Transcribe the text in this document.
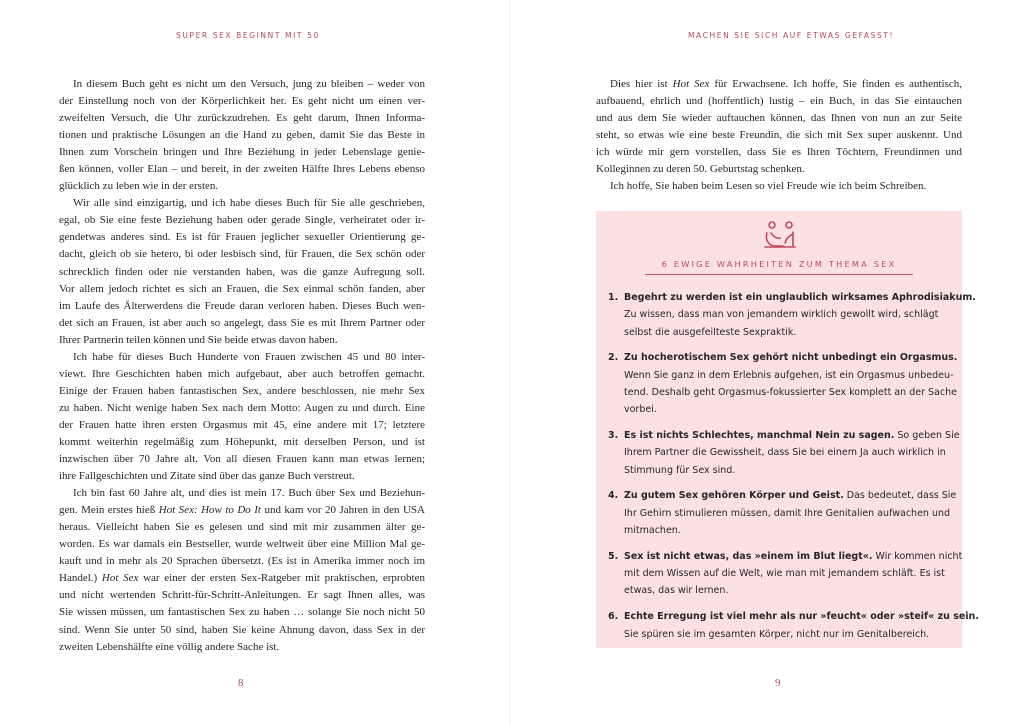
SUPER SEX BEGINNT MIT 50

In diesem Buch geht es nicht um den Versuch, jung zu bleiben – weder von
der Einstellung noch von der Körperlichkeit her. Es geht nicht um einen ver-
zweifelten Versuch, die Uhr zurückzudrehen. Es geht darum, Ihnen Informa-
tionen und praktische Lösungen an die Hand zu geben, damit Sie das Beste in
Ihnen zum Vorschein bringen und Ihre Beziehung in jeder Lebenslage genie-
ßen können, voller Elan – und bereit, in der zweiten Hälfte Ihres Lebens ebenso
glücklich zu leben wie in der ersten.

Wir alle sind einzigartig, und ich habe dieses Buch für Sie alle geschrieben,
egal, ob Sie eine feste Beziehung haben oder gerade Single, verheiratet oder ir-
gendetwas anderes sind. Es ist für Frauen jeglicher sexueller Orientierung ge-
dacht, gleich ob sie hetero, bi oder lesbisch sind, für Frauen, die Sex schön oder
schrecklich finden oder nie verstanden haben, was die ganze Aufregung soll.
Vor allem jedoch richtet es sich an Frauen, die Sex einmal schön fanden, aber
im Laufe des Älterwerdens die Freude daran verloren haben. Dieses Buch wen-
det sich an Frauen, ist aber auch so angelegt, dass Sie es mit Ihrem Partner oder
Ihrer Partnerin teilen können und Sie beide etwas davon haben.

Ich habe für dieses Buch Hunderte von Frauen zwischen 45 und 80 inter-
viewt. Ihre Geschichten haben mich aufgebaut, aber auch betroffen gemacht.
Einige der Frauen haben fantastischen Sex, andere beschlossen, nie mehr Sex
zu haben. Nicht wenige haben Sex nach dem Motto: Augen zu und durch. Eine
der Frauen hatte ihren ersten Orgasmus mit 45, eine andere mit 17; letztere
kommt weiterhin regelmäßig zum Höhepunkt, mit derselben Person, und ist
inzwischen über 70 Jahre alt. Von all diesen Frauen kann man etwas lernen;
ihre Fallgeschichten und Zitate sind über das ganze Buch verstreut.

Ich bin fast 60 Jahre alt, und dies ist mein 17. Buch über Sex und Beziehun-
gen. Mein erstes hieß Hot Sex: How to Do It und kam vor 20 Jahren in den USA
heraus. Vielleicht haben Sie es gelesen und sind mit mir zusammen älter ge-
worden. Es war damals ein Bestseller, wurde weltweit über eine Million Mal ge-
kauft und in mehr als 20 Sprachen übersetzt. (Es ist in Amerika immer noch im
Handel.) Hot Sex war einer der ersten Sex-Ratgeber mit praktischen, erprobten
und nicht wertenden Schritt-für-Schritt-Anleitungen. Er sagt Ihnen alles, was
Sie wissen müssen, um fantastischen Sex zu haben … solange Sie noch nicht 50
sind. Wenn Sie unter 50 sind, haben Sie keine Ahnung davon, dass Sex in der
zweiten Lebenshälfte eine völlig andere Sache ist.

8
MACHEN SIE SICH AUF ETWAS GEFASST!

Dies hier ist Hot Sex für Erwachsene. Ich hoffe, Sie finden es authentisch,
aufbauend, ehrlich und (hoffentlich) lustig – ein Buch, in das Sie eintauchen
und aus dem Sie wieder auftauchen können, das Ihnen von nun an zur Seite
steht, so etwas wie eine beste Freundin, die sich mit Sex super auskennt. Und
ich würde mir gern vorstellen, dass Sie es Ihren Töchtern, Freundinnen und
Kolleginnen zu deren 50. Geburtstag schenken.

Ich hoffe, Sie haben beim Lesen so viel Freude wie ich beim Schreiben.

6 EWIGE WAHRHEITEN ZUM THEMA SEX
1. Begehrt zu werden ist ein unglaublich wirksames Aphrodisiakum.
Zu wissen, dass man von jemandem wirklich gewollt wird, schlägt
selbst die ausgefeilteste Sexpraktik.
2. Zu hocherotischem Sex gehört nicht unbedingt ein Orgasmus.
Wenn Sie ganz in dem Erlebnis aufgehen, ist ein Orgasmus unbedeu-
tend. Deshalb geht Orgasmus-fokussierter Sex komplett an der Sache
vorbei.
3. Es ist nichts Schlechtes, manchmal Nein zu sagen. So geben Sie
Ihrem Partner die Gewissheit, dass Sie bei einem Ja auch wirklich in
Stimmung für Sex sind.
4. Zu gutem Sex gehören Körper und Geist. Das bedeutet, dass Sie
Ihr Gehirn stimulieren müssen, damit Ihre Genitalien aufwachen und
mitmachen.
5. Sex ist nicht etwas, das »einem im Blut liegt«. Wir kommen nicht
mit dem Wissen auf die Welt, wie man mit jemandem schläft. Es ist
etwas, das wir lernen.
6. Echte Erregung ist viel mehr als nur »feucht« oder »steif« zu sein.
Sie spüren sie im gesamten Körper, nicht nur im Genitalbereich.
9
